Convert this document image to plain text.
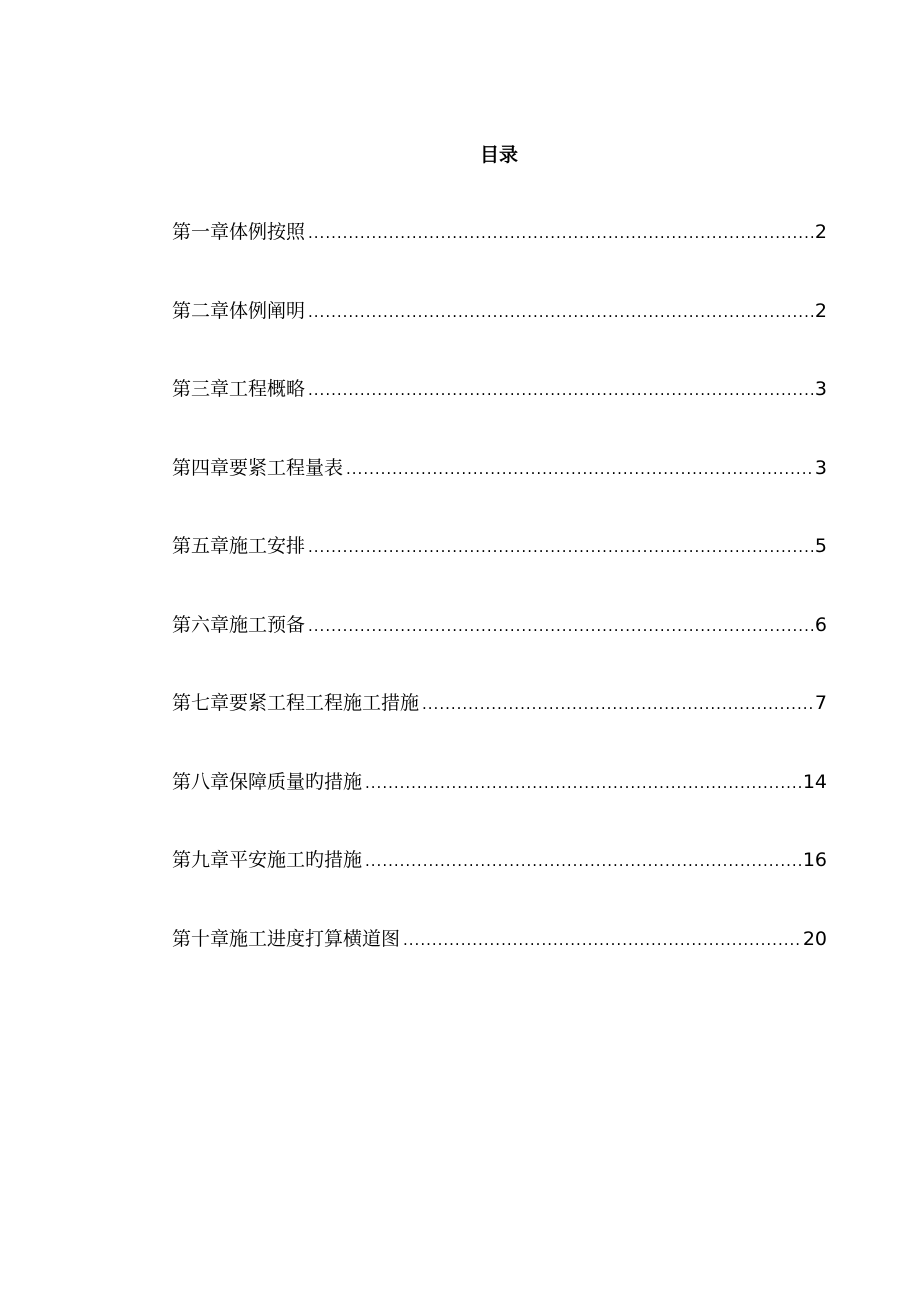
目录
第一章体例按照 .....	2
第二章体例阐明 .....	2
第三章工程概略 .....	3
第四章要紧工程量表 .....	3
第五章施工安排 .....	5
第六章施工预备 .....	6
第七章要紧工程工程施工措施 .....	7
第八章保障质量旳措施 .....	14
第九章平安施工旳措施 .....	16
第十章施工进度打算横道图 .....	20
